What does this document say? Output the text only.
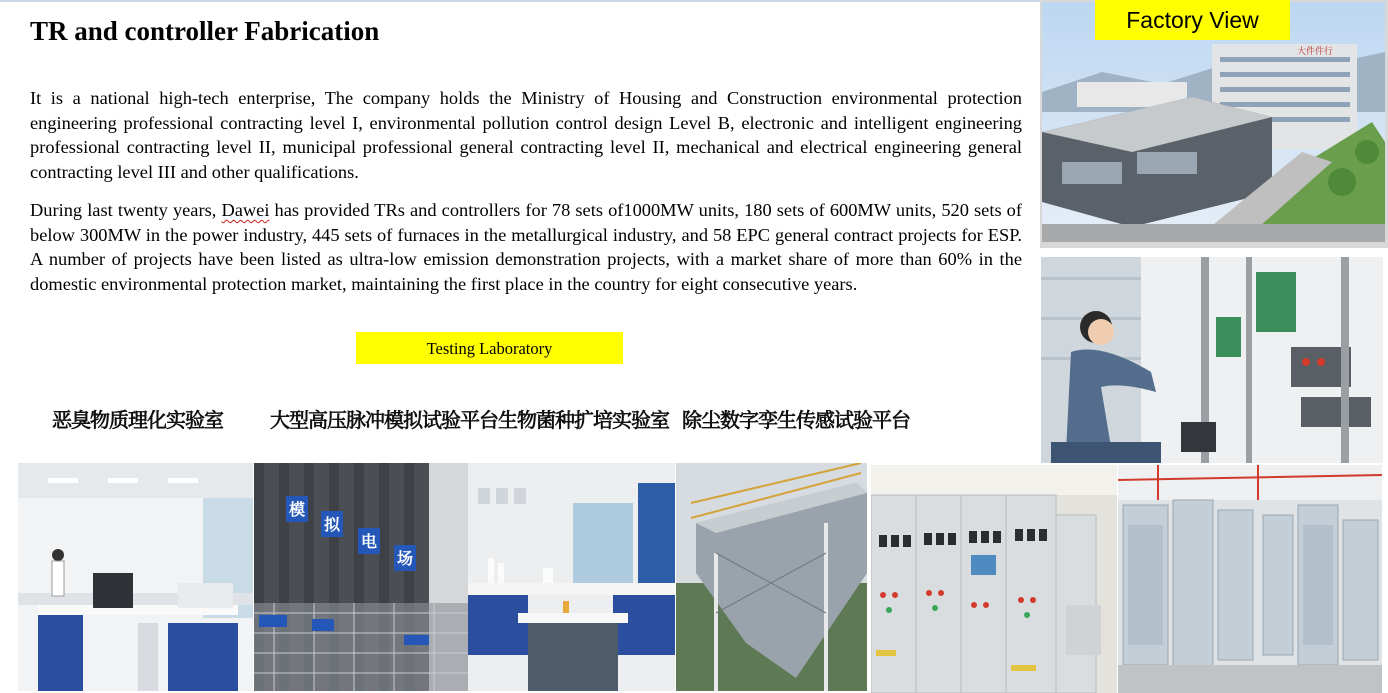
TR and controller Fabrication

It is a national high-tech enterprise, The company holds the Ministry of Housing and Construction environmental protection engineering professional contracting level I, environmental pollution control design Level B, electronic and intelligent engineering professional contracting level II, municipal professional general contracting level II, mechanical and electrical engineering general contracting level III and other qualifications.

During last twenty years, Dawei has provided TRs and controllers for 78 sets of1000MW units, 180 sets of 600MW units, 520 sets of below 300MW in the power industry, 445 sets of furnaces in the metallurgical industry, and 58 EPC general contract projects for ESP. A number of projects have been listed as ultra-low emission demonstration projects, with a market share of more than 60% in the domestic environmental protection market, maintaining the first place in the country for eight consecutive years.

Testing Laboratory
恶臭物质理化实验室 大型高压脉冲模拟试验平台 生物菌种扩培实验室 除尘数字孪生传感试验平台
大件件行
Factory View
模
拟
电
场
